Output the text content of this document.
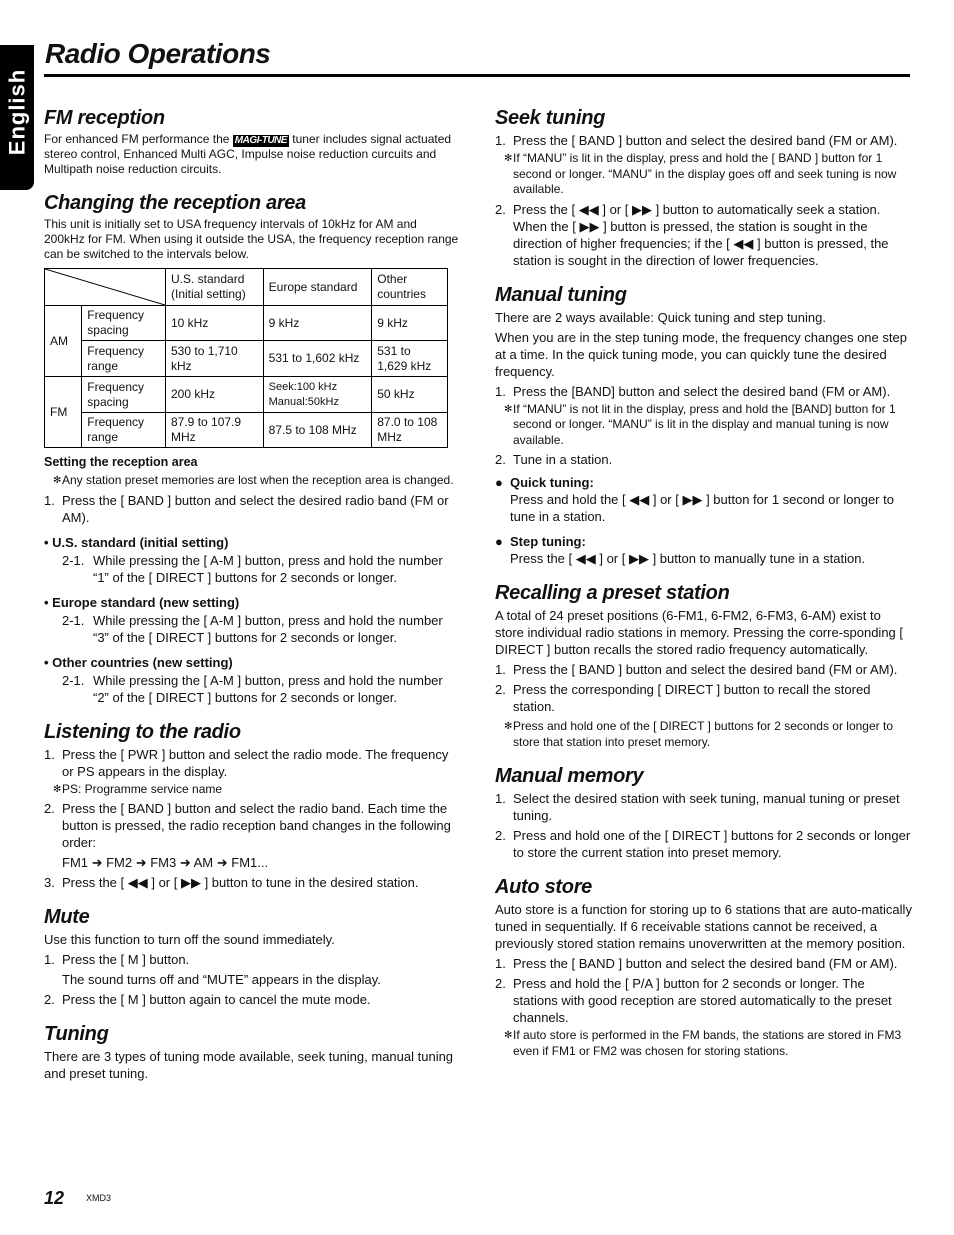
English
Radio Operations
FM reception

For enhanced FM performance the MAGI-TUNE tuner includes signal actuated stereo control, Enhanced Multi AGC, Impulse noise reduction curcuits and Multipath noise reduction circuits.

Changing the reception area

This unit is initially set to USA frequency intervals of 10kHz for AM and 200kHz for FM. When using it outside the USA, the frequency reception range can be switched to the intervals below.

	U.S. standard (Initial setting)	Europe standard	Other countries
AM	Frequency spacing	10 kHz	9 kHz	9 kHz
	Frequency range	530 to 1,710 kHz	531 to 1,602 kHz	531 to 1,629 kHz
FM	Frequency spacing	200 kHz	Seek:100 kHz Manual:50kHz	50 kHz
	Frequency range	87.9 to 107.9 MHz	87.5 to 108 MHz	87.0 to 108 MHz
Setting the reception area
✻ Any station preset memories are lost when the reception area is changed.
1. Press the [ BAND ] button and select the desired radio band (FM or AM).
• U.S. standard (initial setting)
2-1. While pressing the [ A-M ] button, press and hold the number “1” of the [ DIRECT ] buttons for 2 seconds or longer.
• Europe standard (new setting)
2-1. While pressing the [ A-M ] button, press and hold the number “3” of the [ DIRECT ] buttons for 2 seconds or longer.
• Other countries (new setting)
2-1. While pressing the [ A-M ] button, press and hold the number “2” of the [ DIRECT ] buttons for 2 seconds or longer.
Listening to the radio
1. Press the [ PWR ] button and select the radio mode. The frequency or PS appears in the display.
✻ PS: Programme service name
2. Press the [ BAND ] button and select the radio band. Each time the button is pressed, the radio reception band changes in the following order:
FM1 ➜ FM2 ➜ FM3 ➜ AM ➜ FM1...
3. Press the [ ◀◀ ] or [ ▶▶ ] button to tune in the desired station.
Mute

Use this function to turn off the sound immediately.

1. Press the [ M ] button.
The sound turns off and “MUTE” appears in the display.
2. Press the [ M ] button again to cancel the mute mode.
Tuning

There are 3 types of tuning mode available, seek tuning, manual tuning and preset tuning.

Seek tuning
1. Press the [ BAND ] button and select the desired band (FM or AM).
✻ If “MANU” is lit in the display, press and hold the [ BAND ] button for 1 second or longer. “MANU” in the display goes off and seek tuning is now available.
2. Press the [ ◀◀ ] or [ ▶▶ ] button to automatically seek a station. When the [ ▶▶ ] button is pressed, the station is sought in the direction of higher frequencies; if the [ ◀◀ ] button is pressed, the station is sought in the direction of lower frequencies.
Manual tuning

There are 2 ways available: Quick tuning and step tuning.

When you are in the step tuning mode, the frequency changes one step at a time. In the quick tuning mode, you can quickly tune the desired frequency.

1. Press the [BAND] button and select the desired band (FM or AM).
✻ If “MANU” is not lit in the display, press and hold the [BAND] button for 1 second or longer. “MANU” is lit in the display and manual tuning is now available.
2. Tune in a station.
● Quick tuning:
Press and hold the [ ◀◀ ] or [ ▶▶ ] button for 1 second or longer to tune in a station.
● Step tuning:
Press the [ ◀◀ ] or [ ▶▶ ] button to manually tune in a station.
Recalling a preset station

A total of 24 preset positions (6-FM1, 6-FM2, 6-FM3, 6-AM) exist to store individual radio stations in memory. Pressing the corre-sponding [ DIRECT ] button recalls the stored radio frequency automatically.

1. Press the [ BAND ] button and select the desired band (FM or AM).
2. Press the corresponding [ DIRECT ] button to recall the stored station.
✻ Press and hold one of the [ DIRECT ] buttons for 2 seconds or longer to store that station into preset memory.
Manual memory
1. Select the desired station with seek tuning, manual tuning or preset tuning.
2. Press and hold one of the [ DIRECT ] buttons for 2 seconds or longer to store the current station into preset memory.
Auto store

Auto store is a function for storing up to 6 stations that are auto-matically tuned in sequentially. If 6 receivable stations cannot be received, a previously stored station remains unoverwritten at the memory position.

1. Press the [ BAND ] button and select the desired band (FM or AM).
2. Press and hold the [ P/A ] button for 2 seconds or longer. The stations with good reception are stored automatically to the preset channels.
✻ If auto store is performed in the FM bands, the stations are stored in FM3 even if FM1 or FM2 was chosen for storing stations.
12 XMD3
